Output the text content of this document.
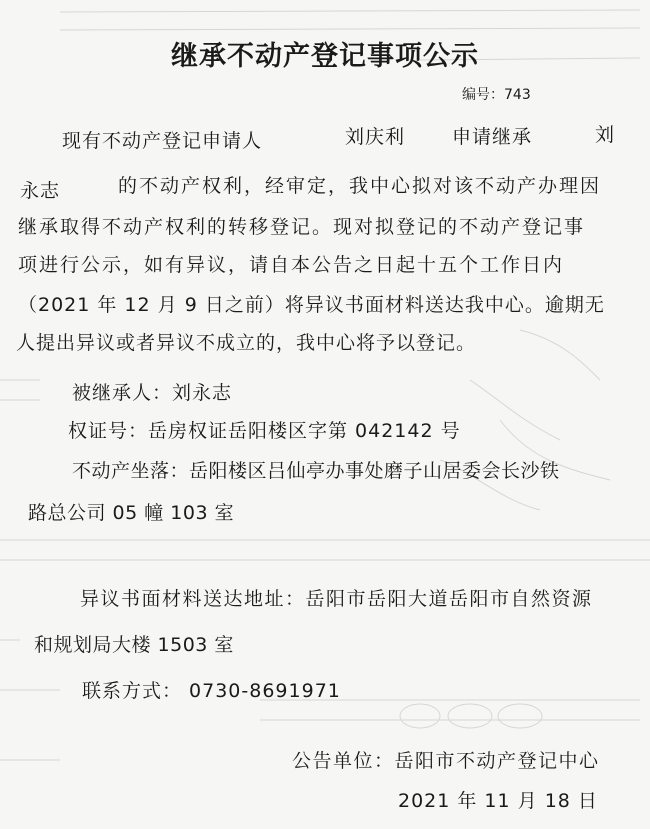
继承不动产登记事项公示
编号：743
现有不动产登记申请人	刘庆利 申请继承	刘
永志	的不动产权利，经审定，我中心拟对该不动产办理因
继承取得不动产权利的转移登记。现对拟登记的不动产登记事
项进行公示，如有异议，请自本公告之日起十五个工作日内
（2021 年 12 月 9 日之前）将异议书面材料送达我中心。逾期无
人提出异议或者异议不成立的，我中心将予以登记。
被继承人：刘永志
权证号：岳房权证岳阳楼区字第 042142 号
不动产坐落：岳阳楼区吕仙亭办事处磨子山居委会长沙铁
路总公司 05 幢 103 室
异议书面材料送达地址：岳阳市岳阳大道岳阳市自然资源
和规划局大楼 1503 室
联系方式： 0730-8691971
公告单位：岳阳市不动产登记中心
2021 年 11 月 18 日
